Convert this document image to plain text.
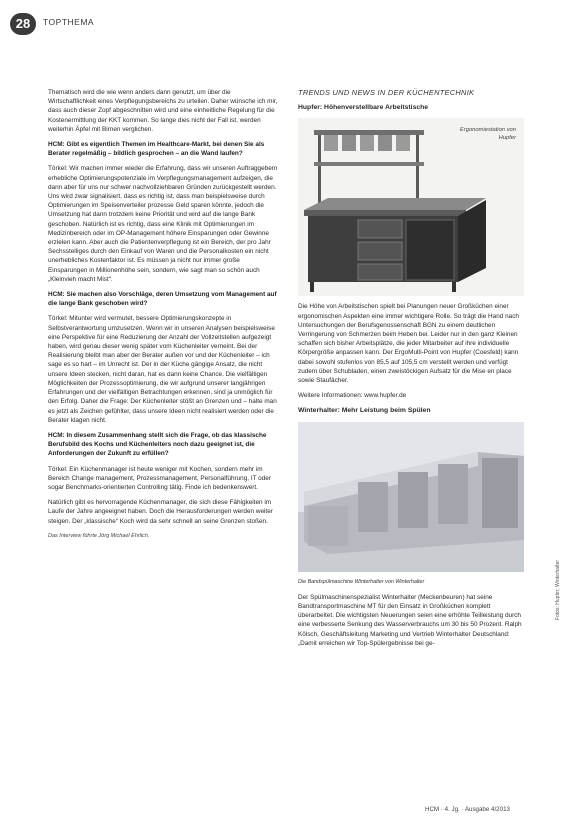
28	TOPTHEMA

Thematisch wird die wie wenn anders dann genutzt, um über die Wirtschaftlichkeit eines Verpflegungsbereichs zu urteilen. Daher wünsche ich mir, dass auch dieser Zopf abgeschnitten wird und eine einheitliche Regelung für die Kostenermittlung der KKT kommen. So lange dies nicht der Fall ist, werden weiterhin Äpfel mit Birnen verglichen.

HCM: Gibt es eigentlich Themen im Healthcare-Markt, bei denen Sie als Berater regelmäßig – bildlich gesprochen – an die Wand laufen?

Törkel: Wir machen immer wieder die Erfahrung, dass wir unseren Auftraggebern erhebliche Optimierungspotenziale im Verpflegungsmanagement aufzeigen, die dann aber für uns nur schwer nachvollziehbaren Gründen zurückgestellt werden. Uns wird zwar signalisiert, dass es richtig ist, dass man beispielsweise durch Optimierungen im Speisenverteiler prozesse Geld sparen könnte, jedoch die Umsetzung hat dann trotzdem keine Priorität und wird auf die lange Bank geschoben. Natürlich ist es richtig, dass eine Klinik mit Optimierungen im Medizinbereich oder im OP-Management höhere Einsparungen oder Gewinne erzielen kann. Aber auch die Patientenverpflegung ist ein Bereich, der pro Jahr Sechsstelliges durch den Einkauf von Waren und die Personalkosten ein nicht unerhebliches Kostenfaktor ist. Es müssen ja nicht nur immer große Einsparungen in Millionenhöhe sein, sondern, wie sagt man so schön auch „Kleinvieh macht Mist“.

HCM: Sie machen also Vorschläge, deren Umsetzung vom Management auf die lange Bank geschoben wird?

Törkel: Mitunter wird vermutet, bessere Optimierungskonzepte in Selbstverantwortung umzusetzen. Wenn wir in unseren Analysen beispielsweise eine Perspektive für eine Reduzierung der Anzahl der Vollzeitstellen aufgezeigt haben, wird genau dieser wenig später vom Küchenleiter verneint. Bei der Realisierung bleibt man aber der Berater außen vor und der Küchenleiter – ich sage es so hart – im Unrecht ist. Der in der Küche gängige Ansatz, die nicht unsere Ideen stecken, nicht daran, hat es dann keine Chance. Die vielfältigen Möglichkeiten der Prozessoptimierung, die wir aufgrund unserer langjährigen Erfahrungen und der vielfältigen Betrachtungen erkennen, sind ja unmöglich für den Erfolg. Daher die Frage: Der Küchenleiter stößt an Grenzen und – halte man es jetzt als Zeichen gefühlter, dass unsere Ideen nicht realisiert werden oder die Berater klagen nicht.

HCM: In diesem Zusammenhang stellt sich die Frage, ob das klassische Berufsbild des Kochs und Küchenleiters noch dazu geeignet ist, die Anforderungen der Zukunft zu erfüllen?

Törkel: Ein Küchenmanager ist heute weniger mit Kochen, sondern mehr im Bereich Change management, Prozessmanagement, Personalführung, IT oder sogar Benchmarks-orientierten Controlling tätig. Finde ich bedenkenswert.

Natürlich gibt es hervorragende Küchenmanager, die sich diese Fähigkeiten im Laufe der Jahre angeeignet haben. Doch die Herausforderungen werden weiter steigen. Der „klassische“ Koch wird da sehr schnell an seine Grenzen stoßen.

Das Interview führte Jörg Michael Ehrlich.

TRENDS UND NEWS IN DER KÜCHENTECHNIK

Hupfer: Höhenverstellbare Arbeitstische

Ergonomiestation von Hupfer

Die Höhe von Arbeitstischen spielt bei Planungen neuer Großküchen einer ergonomischen Aspekten eine immer wichtigere Rolle. So trägt die Hand nach Untersuchungen der Berufsgenossenschaft BGN zu einem deutlichen Verringerung von Schmerzen beim Heben bei. Leider nur in den ganz Kleinen schaffen sich bisher Arbeitsplätze, die jeder Mitarbeiter auf ihre individuelle Körpergröße anpassen kann. Der ErgoMulti-Point von Hupfer (Coesfeld) kann dabei sowohl stufenlos von 85,5 auf 105,5 cm verstellt werden und verfügt zudem über Schubladen, einen zweistöckigen Aufsatz für die Mise en place sowie Staufächer.

Weitere Informationen: www.hupfer.de

Winterhalter: Mehr Leistung beim Spülen

Die Bandspülmaschine Winterhalter von Winterhalter

Der Spülmaschinenspezialist Winterhalter (Meckenbeuren) hat seine Bandtransportmaschine MT für den Einsatz in Großküchen komplett überarbeitet. Die wichtigsten Neuerungen seien eine erhöhte Teilleistung durch eine verbesserte Senkung des Wasserverbrauchs um 30 bis 50 Prozent. Ralph Kölsch, Geschäftsleitung Marketing und Vertrieb Winterhalter Deutschland: „Damit erreichen wir Top-Spülergebnisse bei ge-

Fotos: Hupfer; Winterhalter
HCM · 4. Jg. · Ausgabe 4/2013
